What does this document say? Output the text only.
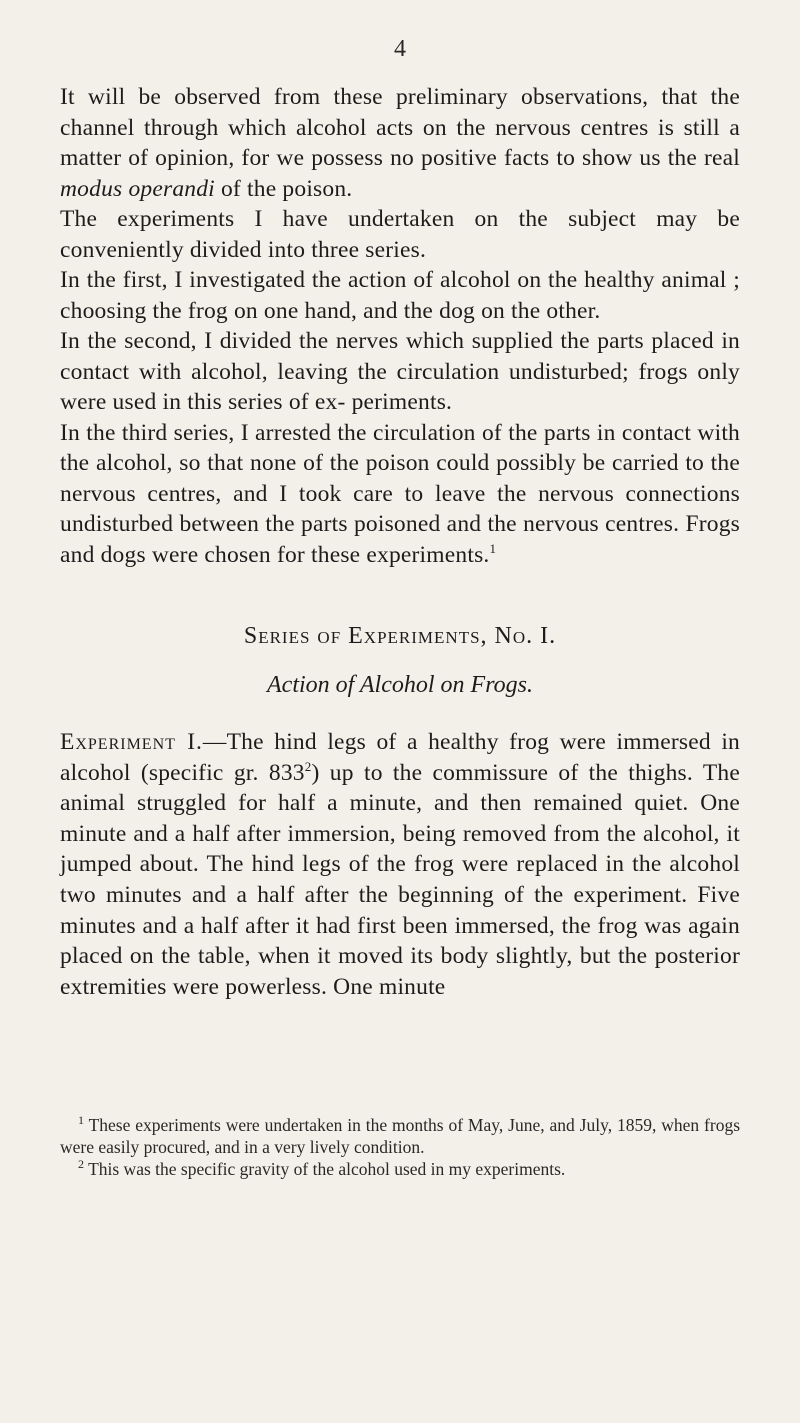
4

It will be observed from these preliminary observations, that the channel through which alcohol acts on the nervous centres is still a matter of opinion, for we possess no positive facts to show us the real modus operandi of the poison.

The experiments I have undertaken on the subject may be conveniently divided into three series.

In the first, I investigated the action of alcohol on the healthy animal ; choosing the frog on one hand, and the dog on the other.

In the second, I divided the nerves which supplied the parts placed in contact with alcohol, leaving the circulation undisturbed; frogs only were used in this series of ex- periments.

In the third series, I arrested the circulation of the parts in contact with the alcohol, so that none of the poison could possibly be carried to the nervous centres, and I took care to leave the nervous connections undisturbed between the parts poisoned and the nervous centres. Frogs and dogs were chosen for these experiments.$^1$

Series of Experiments, No. I.
Action of Alcohol on Frogs.

Experiment I.—The hind legs of a healthy frog were immersed in alcohol (specific gr. $833^2$) up to the commissure of the thighs. The animal struggled for half a minute, and then remained quiet. One minute and a half after immersion, being removed from the alcohol, it jumped about. The hind legs of the frog were replaced in the alcohol two minutes and a half after the beginning of the experiment. Five minutes and a half after it had first been immersed, the frog was again placed on the table, when it moved its body slightly, but the posterior extremities were powerless. One minute

$^1$ These experiments were undertaken in the months of May, June, and July, 1859, when frogs were easily procured, and in a very lively condition.

$^2$ This was the specific gravity of the alcohol used in my experiments.
